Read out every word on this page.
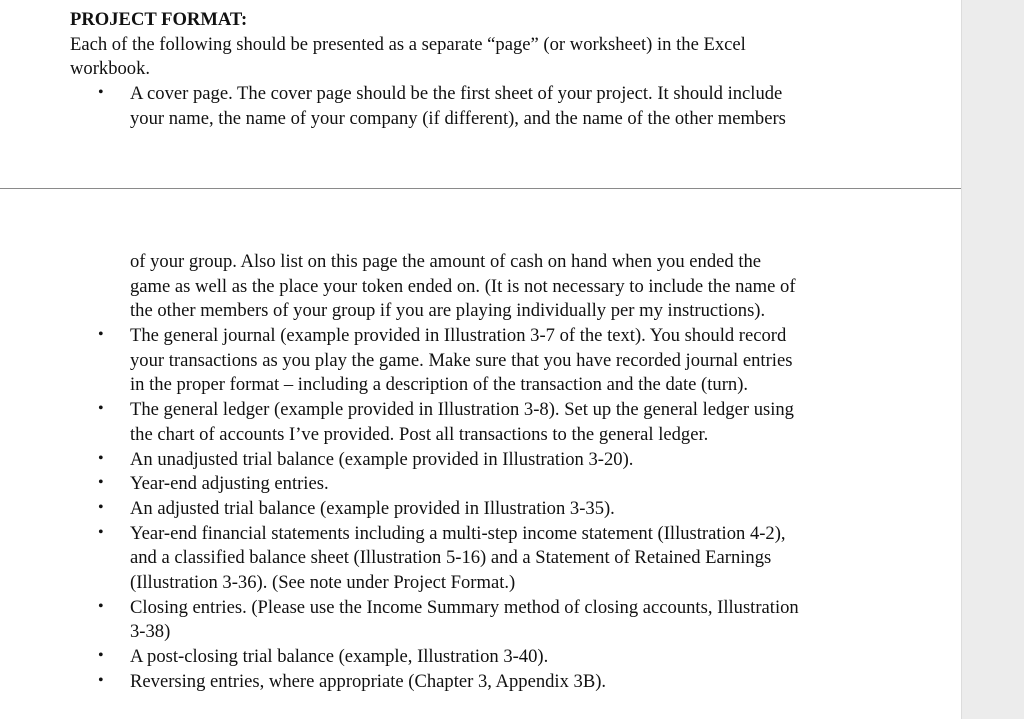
PROJECT FORMAT:
Each of the following should be presented as a separate “page” (or worksheet) in the Excel
workbook.
• A cover page. The cover page should be the first sheet of your project. It should include
your name, the name of your company (if different), and the name of the other members
of your group. Also list on this page the amount of cash on hand when you ended the
game as well as the place your token ended on. (It is not necessary to include the name of
the other members of your group if you are playing individually per my instructions).
• The general journal (example provided in Illustration 3-7 of the text). You should record
your transactions as you play the game. Make sure that you have recorded journal entries
in the proper format – including a description of the transaction and the date (turn).
• The general ledger (example provided in Illustration 3-8). Set up the general ledger using
the chart of accounts I’ve provided. Post all transactions to the general ledger.
• An unadjusted trial balance (example provided in Illustration 3-20).
• Year-end adjusting entries.
• An adjusted trial balance (example provided in Illustration 3-35).
• Year-end financial statements including a multi-step income statement (Illustration 4-2),
and a classified balance sheet (Illustration 5-16) and a Statement of Retained Earnings
(Illustration 3-36). (See note under Project Format.)
• Closing entries. (Please use the Income Summary method of closing accounts, Illustration
3-38)
• A post-closing trial balance (example, Illustration 3-40).
• Reversing entries, where appropriate (Chapter 3, Appendix 3B).
